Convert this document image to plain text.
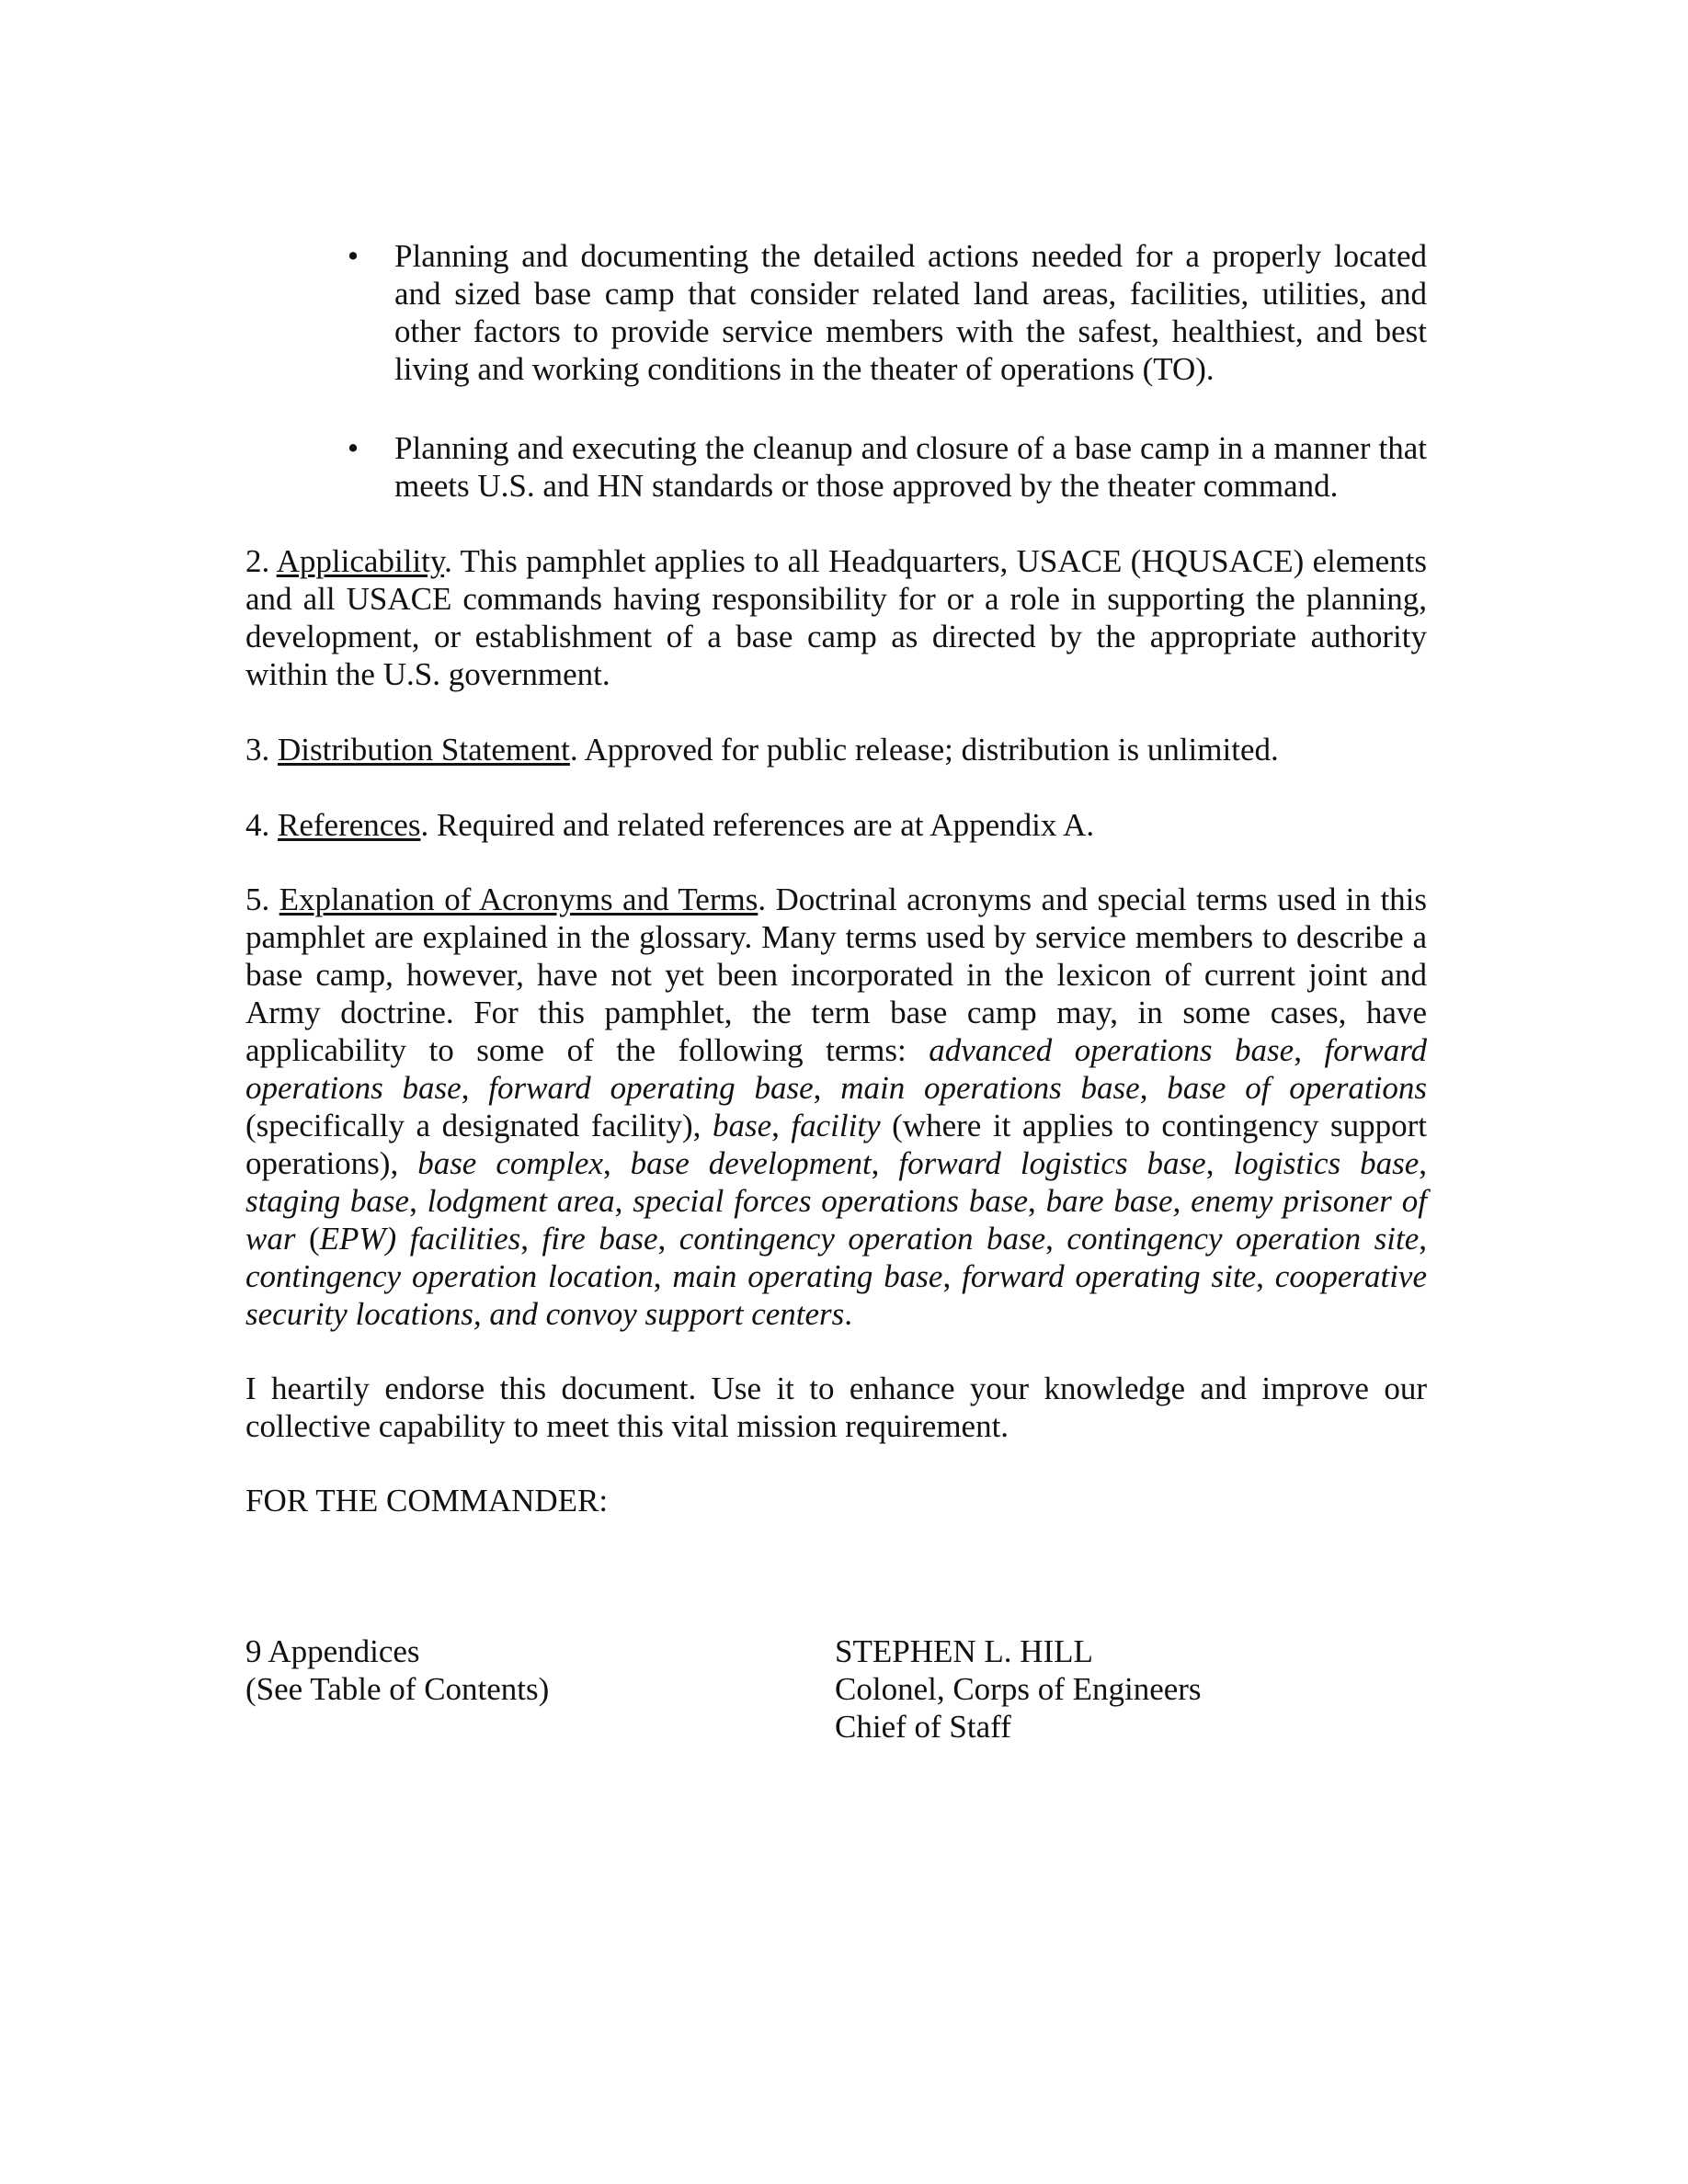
• Planning and documenting the detailed actions needed for a properly located and sized base camp that consider related land areas, facilities, utilities, and other factors to provide service members with the safest, healthiest, and best living and working conditions in the theater of operations (TO).
• Planning and executing the cleanup and closure of a base camp in a manner that meets U.S. and HN standards or those approved by the theater command.

2. Applicability. This pamphlet applies to all Headquarters, USACE (HQUSACE) elements and all USACE commands having responsibility for or a role in supporting the planning, development, or establishment of a base camp as directed by the appropriate authority within the U.S. government.

3. Distribution Statement. Approved for public release; distribution is unlimited.

4. References. Required and related references are at Appendix A.

5. Explanation of Acronyms and Terms. Doctrinal acronyms and special terms used in this pamphlet are explained in the glossary. Many terms used by service members to describe a base camp, however, have not yet been incorporated in the lexicon of current joint and Army doctrine. For this pamphlet, the term base camp may, in some cases, have applicability to some of the following terms: advanced operations base, forward operations base, forward operating base, main operations base, base of operations (specifically a designated facility), base, facility (where it applies to contingency support operations), base complex, base development, forward logistics base, logistics base, staging base, lodgment area, special forces operations base, bare base, enemy prisoner of war (EPW) facilities, fire base, contingency operation base, contingency operation site, contingency operation location, main operating base, forward operating site, cooperative security locations, and convoy support centers.

I heartily endorse this document. Use it to enhance your knowledge and improve our collective capability to meet this vital mission requirement.

FOR THE COMMANDER:

9 Appendices
(See Table of Contents)
STEPHEN L. HILL
Colonel, Corps of Engineers
Chief of Staff
